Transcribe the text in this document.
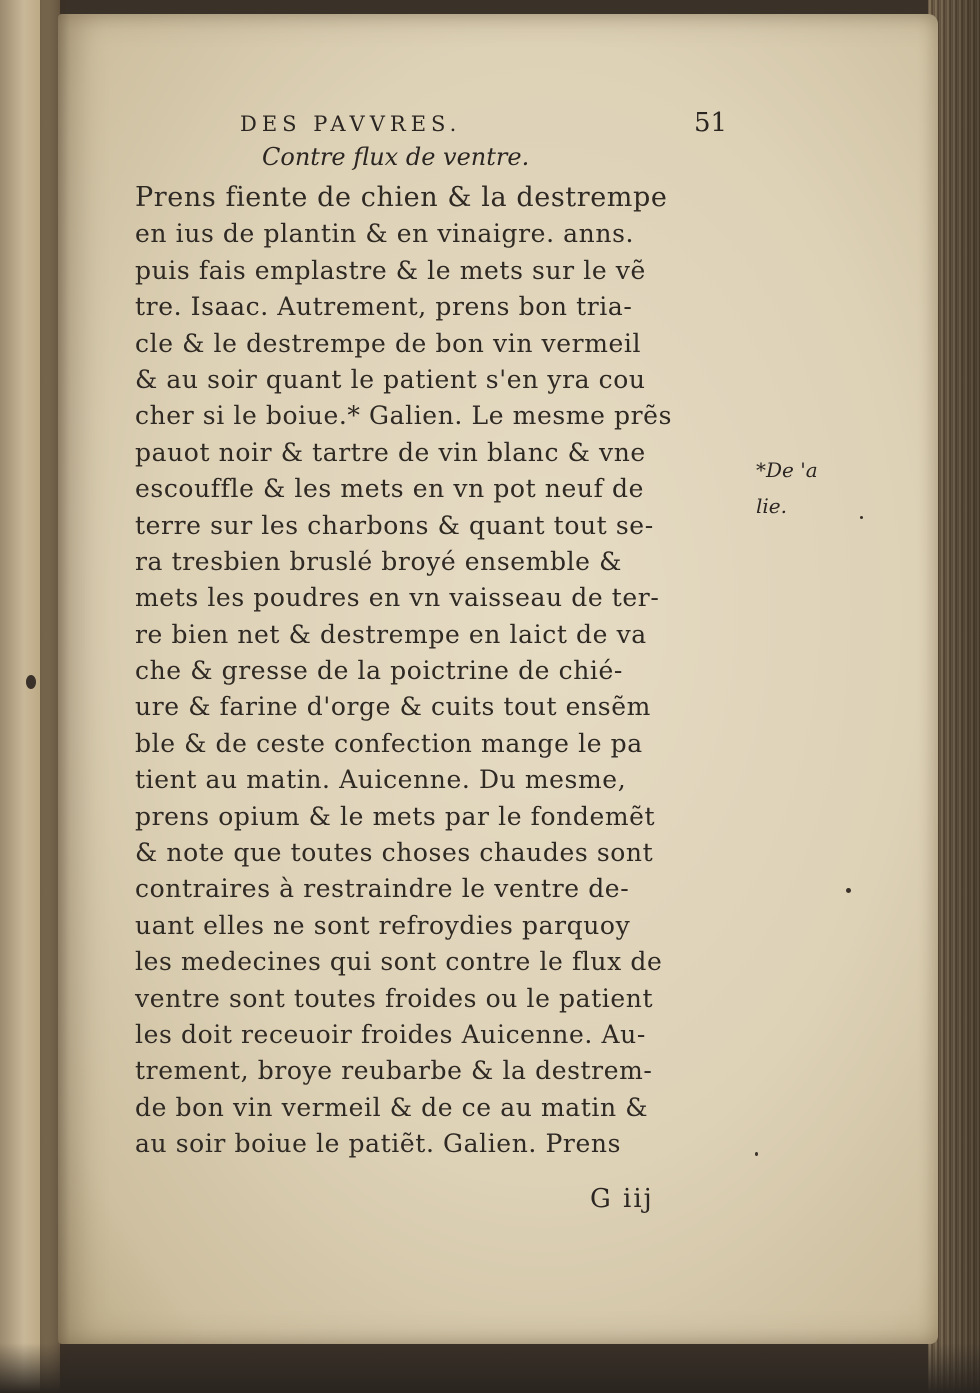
DES PAVVRES.	51
Contre flux de ventre.
Prens fiente de chien & la destrempe
en ius de plantin & en vinaigre. anns.
puis fais emplastre & le mets sur le vẽ
tre. Isaac. Autrement, prens bon tria-
cle & le destrempe de bon vin vermeil
& au soir quant le patient s'en yra cou
cher si le boiue.* Galien. Le mesme prẽs
pauot noir & tartre de vin blanc & vne
escouffle & les mets en vn pot neuf de
terre sur les charbons & quant tout se-
ra tresbien bruslé broyé ensemble &
mets les poudres en vn vaisseau de ter-
re bien net & destrempe en laict de va
che & gresse de la poictrine de chié-
ure & farine d'orge & cuits tout ensẽm
ble & de ceste confection mange le pa
tient au matin. Auicenne. Du mesme,
prens opium & le mets par le fondemẽt
& note que toutes choses chaudes sont
contraires à restraindre le ventre de-
uant elles ne sont refroydies parquoy
les medecines qui sont contre le flux de
ventre sont toutes froides ou le patient
les doit receuoir froides Auicenne. Au-
trement, broye reubarbe & la destrem-
de bon vin vermeil & de ce au matin &
au soir boiue le patiẽt. Galien. Prens
*De 'a
lie.
G iij
